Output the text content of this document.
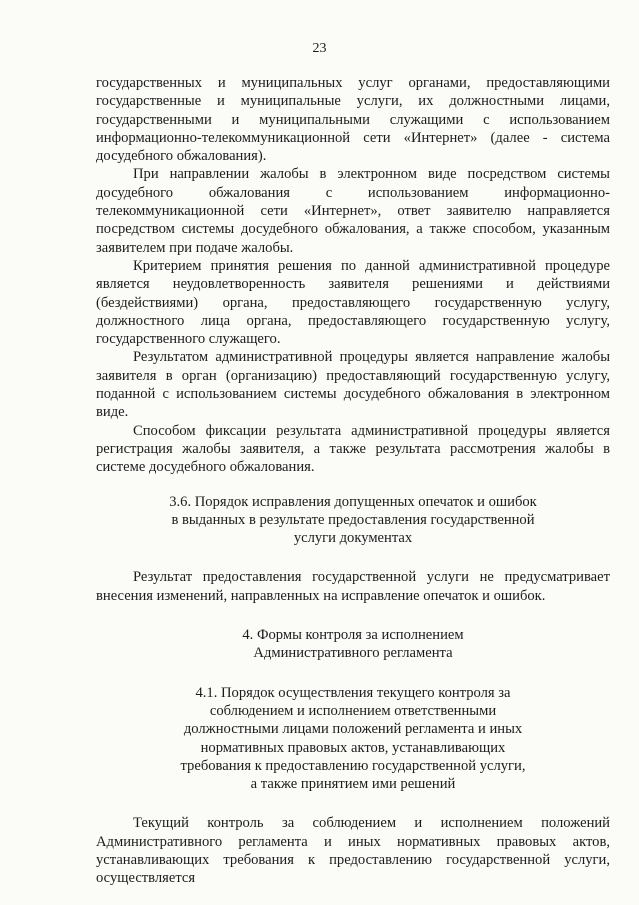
23

государственных и муниципальных услуг органами, предоставляющими государственные и муниципальные услуги, их должностными лицами, государственными и муниципальными служащими с использованием информационно-телекоммуникационной сети «Интернет» (далее - система досудебного обжалования).

При направлении жалобы в электронном виде посредством системы досудебного обжалования с использованием информационно-телекоммуникационной сети «Интернет», ответ заявителю направляется посредством системы досудебного обжалования, а также способом, указанным заявителем при подаче жалобы.

Критерием принятия решения по данной административной процедуре является неудовлетворенность заявителя решениями и действиями (бездействиями) органа, предоставляющего государственную услугу, должностного лица органа, предоставляющего государственную услугу, государственного служащего.

Результатом административной процедуры является направление жалобы заявителя в орган (организацию) предоставляющий государственную услугу, поданной с использованием системы досудебного обжалования в электронном виде.

Способом фиксации результата административной процедуры является регистрация жалобы заявителя, а также результата рассмотрения жалобы в системе досудебного обжалования.

3.6. Порядок исправления допущенных опечаток и ошибок
в выданных в результате предоставления государственной
услуги документах

Результат предоставления государственной услуги не предусматривает внесения изменений, направленных на исправление опечаток и ошибок.

4. Формы контроля за исполнением
Административного регламента
4.1. Порядок осуществления текущего контроля за
соблюдением и исполнением ответственными
должностными лицами положений регламента и иных
нормативных правовых актов, устанавливающих
требования к предоставлению государственной услуги,
а также принятием ими решений

Текущий контроль за соблюдением и исполнением положений Административного регламента и иных нормативных правовых актов, устанавливающих требования к предоставлению государственной услуги, осуществляется
